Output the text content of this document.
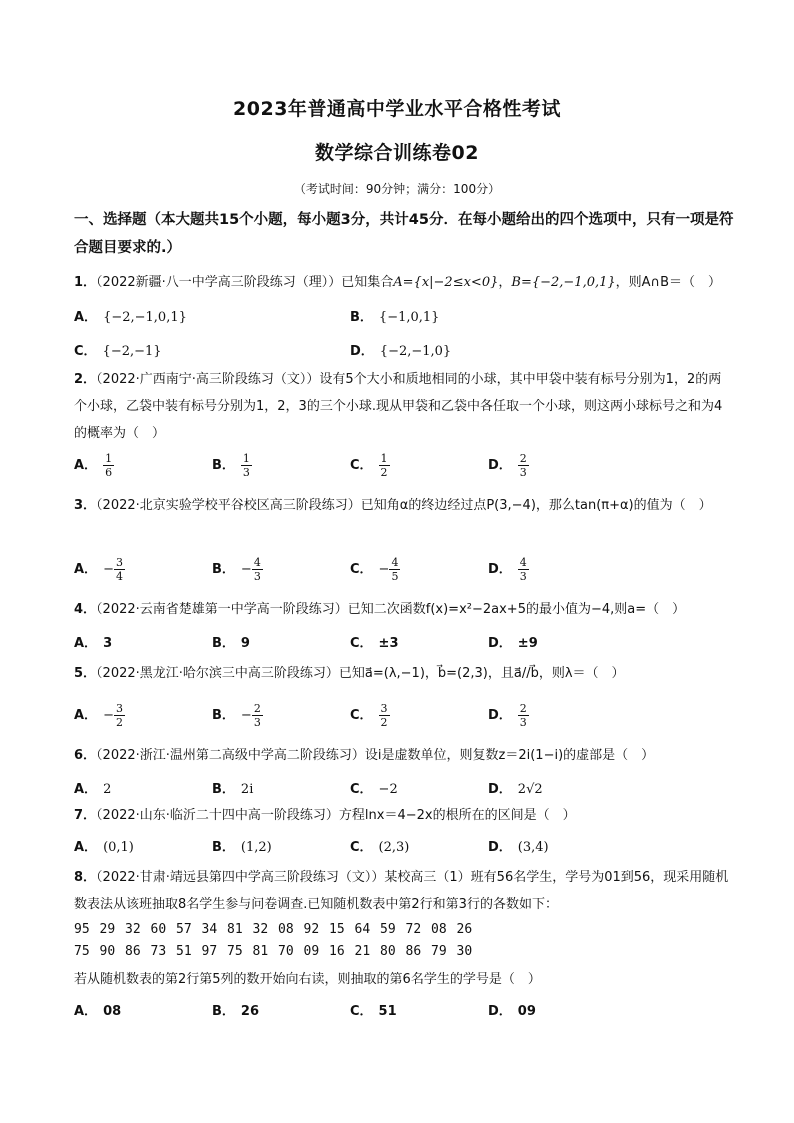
2023年普通高中学业水平合格性考试
数学综合训练卷02
（考试时间：90分钟；满分：100分）
一、选择题（本大题共15个小题，每小题3分，共计45分．在每小题给出的四个选项中，只有一项是符合题目要求的.）
1．（2022新疆·八一中学高三阶段练习（理））已知集合A={x|−2≤x<0}，B={−2,−1,0,1}，则A∩B＝（　）
A． {−2,−1,0,1}	B． {−1,0,1}
C． {−2,−1}	D． {−2,−1,0}
2．（2022·广西南宁·高三阶段练习（文））设有5个大小和质地相同的小球，其中甲袋中装有标号分别为1，2的两个小球，乙袋中装有标号分别为1，2，3的三个小球.现从甲袋和乙袋中各任取一个小球，则这两小球标号之和为4的概率为（　）
A． $\frac{1}{6}$	B． $\frac{1}{3}$	C． $\frac{1}{2}$	D． $\frac{2}{3}$
3．（2022·北京实验学校平谷校区高三阶段练习）已知角α的终边经过点P(3,−4)，那么tan(π+α)的值为（　）
A． − $\frac{3}{4}$	B． − $\frac{4}{3}$	C． − $\frac{4}{5}$	D． $\frac{4}{3}$
4．（2022·云南省楚雄第一中学高一阶段练习）已知二次函数f(x)=x²−2ax+5的最小值为−4,则a=（　）
A． 3	B． 9	C． ±3	D． ±9
5．（2022·黑龙江·哈尔滨三中高三阶段练习）已知a⃗=(λ,−1)，b⃗=(2,3)，且a⃗//b⃗，则λ＝（　）
A． − $\frac{3}{2}$	B． − $\frac{2}{3}$	C． $\frac{3}{2}$	D． $\frac{2}{3}$
6．（2022·浙江·温州第二高级中学高二阶段练习）设i是虚数单位，则复数z＝2i(1−i)的虚部是（　）
A． 2	B． 2i	C． −2	D． 2√2
7．（2022·山东·临沂二十四中高一阶段练习）方程lnx＝4−2x的根所在的区间是（　）
A． (0,1)	B． (1,2)	C． (2,3)	D． (3,4)
8．（2022·甘肃·靖远县第四中学高三阶段练习（文））某校高三（1）班有56名学生，学号为01到56，现采用随机数表法从该班抽取8名学生参与问卷调查.已知随机数表中第2行和第3行的各数如下：
95 29 32 60 57 34 81 32 08 92 15 64 59 72 08 26
75 90 86 73 51 97 75 81 70 09 16 21 80 86 79 30
若从随机数表的第2行第5列的数开始向右读，则抽取的第6名学生的学号是（　）
A． 08	B． 26	C． 51	D． 09
